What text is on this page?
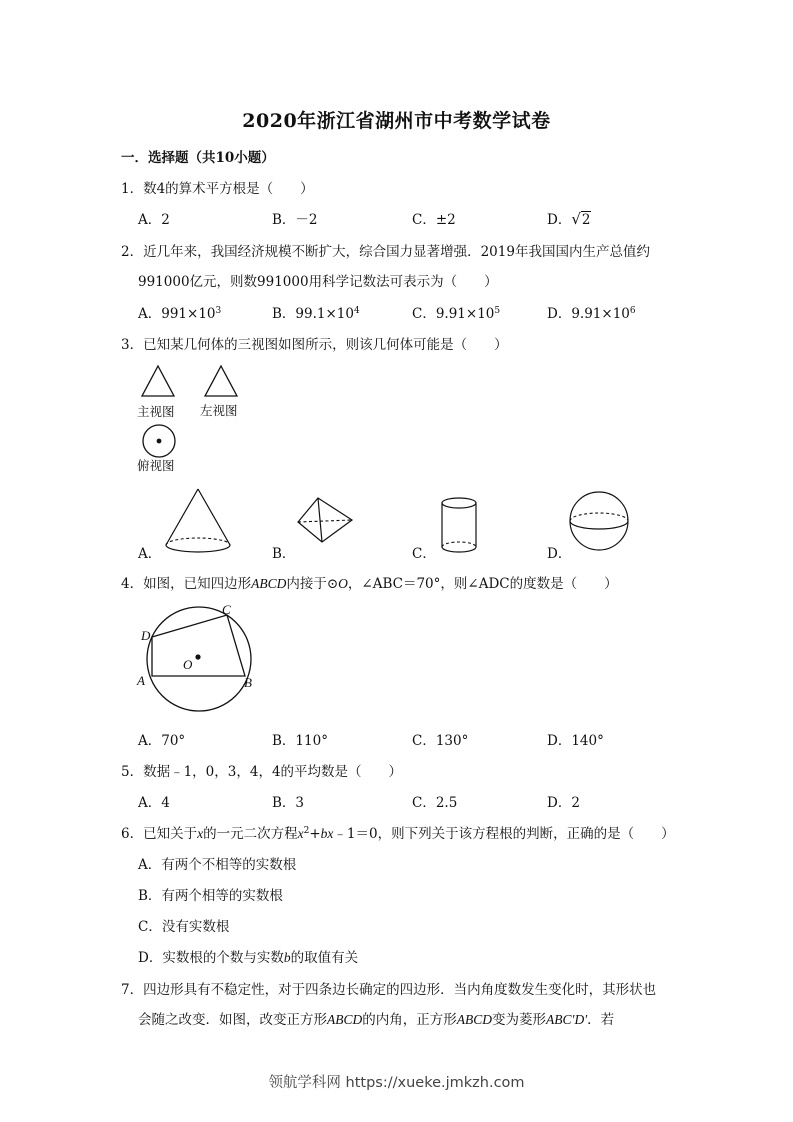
2020年浙江省湖州市中考数学试卷
一．选择题（共10小题）
1．数4的算术平方根是（　　）
A．2	B．－2	C．±2	D．√2
2．近几年来，我国经济规模不断扩大，综合国力显著增强．2019年我国国内生产总值约
991000亿元，则数991000用科学记数法可表示为（　　）
A．$991\times 10^3$	B．$99.1\times 10^4$	C．$9.91\times 10^5$	D．$9.91\times 10^6$
3．已知某几何体的三视图如图所示，则该几何体可能是（　　）
主视图 左视图
俯视图
A．	B．	C．	D．
4．如图，已知四边形ABCD内接于⊙O，∠ABC＝70°，则∠ADC的度数是（　　）
C
D
O
A	B
A．70°	B．110°	C．130°	D．140°
5．数据﹣1，0，3，4，4的平均数是（　　）
A．4	B．3	C．2.5	D．2
6．已知关于x的一元二次方程$x^2+bx﹣1=0$，则下列关于该方程根的判断，正确的是（　　）
A．有两个不相等的实数根
B．有两个相等的实数根
C．没有实数根
D．实数根的个数与实数b的取值有关
7．四边形具有不稳定性，对于四条边长确定的四边形．当内角度数发生变化时，其形状也
会随之改变．如图，改变正方形ABCD的内角，正方形ABCD变为菱形ABC′D′．若
领航学科网 https://xueke.jmkzh.com
